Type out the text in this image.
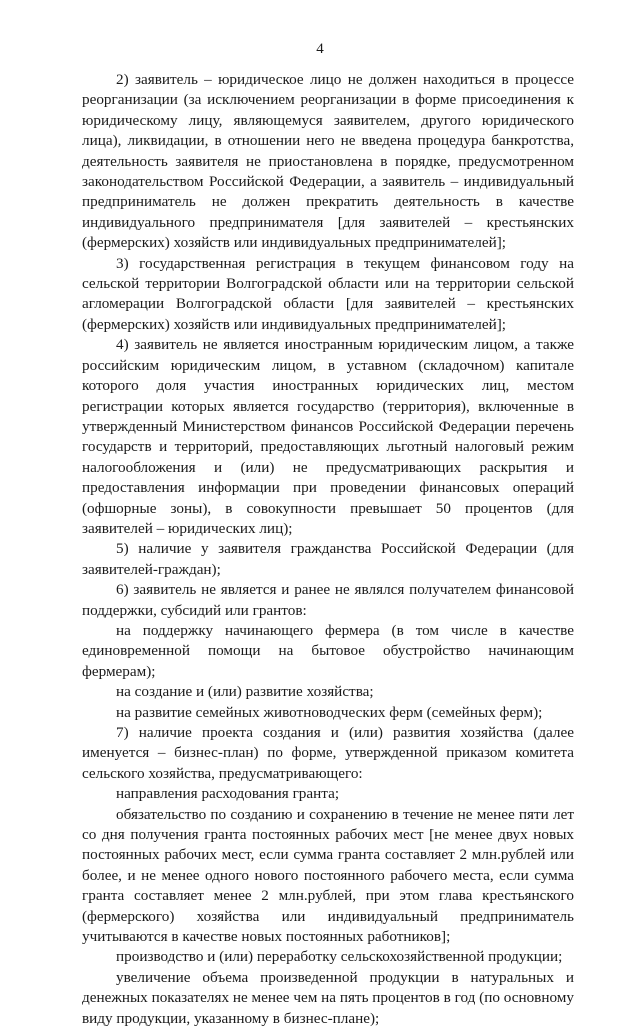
4

2) заявитель – юридическое лицо не должен находиться в процессе реорганизации (за исключением реорганизации в форме присоединения к юридическому лицу, являющемуся заявителем, другого юридического лица), ликвидации, в отношении него не введена процедура банкротства, деятельность заявителя не приостановлена в порядке, предусмотренном законодательством Российской Федерации, а заявитель – индивидуальный предприниматель не должен прекратить деятельность в качестве индивидуального предпринимателя [для заявителей – крестьянских (фермерских) хозяйств или индивидуальных предпринимателей];

3) государственная регистрация в текущем финансовом году на сельской территории Волгоградской области или на территории сельской агломерации Волгоградской области [для заявителей – крестьянских (фермерских) хозяйств или индивидуальных предпринимателей];

4) заявитель не является иностранным юридическим лицом, а также российским юридическим лицом, в уставном (складочном) капитале которого доля участия иностранных юридических лиц, местом регистрации которых является государство (территория), включенные в утвержденный Министерством финансов Российской Федерации перечень государств и территорий, предоставляющих льготный налоговый режим налогообложения и (или) не предусматривающих раскрытия и предоставления информации при проведении финансовых операций (офшорные зоны), в совокупности превышает 50 процентов (для заявителей – юридических лиц);

5) наличие у заявителя гражданства Российской Федерации (для заявителей-граждан);

6) заявитель не является и ранее не являлся получателем финансовой поддержки, субсидий или грантов:

на поддержку начинающего фермера (в том числе в качестве единовременной помощи на бытовое обустройство начинающим фермерам);

на создание и (или) развитие хозяйства;

на развитие семейных животноводческих ферм (семейных ферм);

7) наличие проекта создания и (или) развития хозяйства (далее именуется – бизнес-план) по форме, утвержденной приказом комитета сельского хозяйства, предусматривающего:

направления расходования гранта;

обязательство по созданию и сохранению в течение не менее пяти лет со дня получения гранта постоянных рабочих мест [не менее двух новых постоянных рабочих мест, если сумма гранта составляет 2 млн.рублей или более, и не менее одного нового постоянного рабочего места, если сумма гранта составляет менее 2 млн.рублей, при этом глава крестьянского (фермерского) хозяйства или индивидуальный предприниматель учитываются в качестве новых постоянных работников];

производство и (или) переработку сельскохозяйственной продукции;

увеличение объема произведенной продукции в натуральных и денежных показателях не менее чем на пять процентов в год (по основному виду продукции, указанному в бизнес-плане);
